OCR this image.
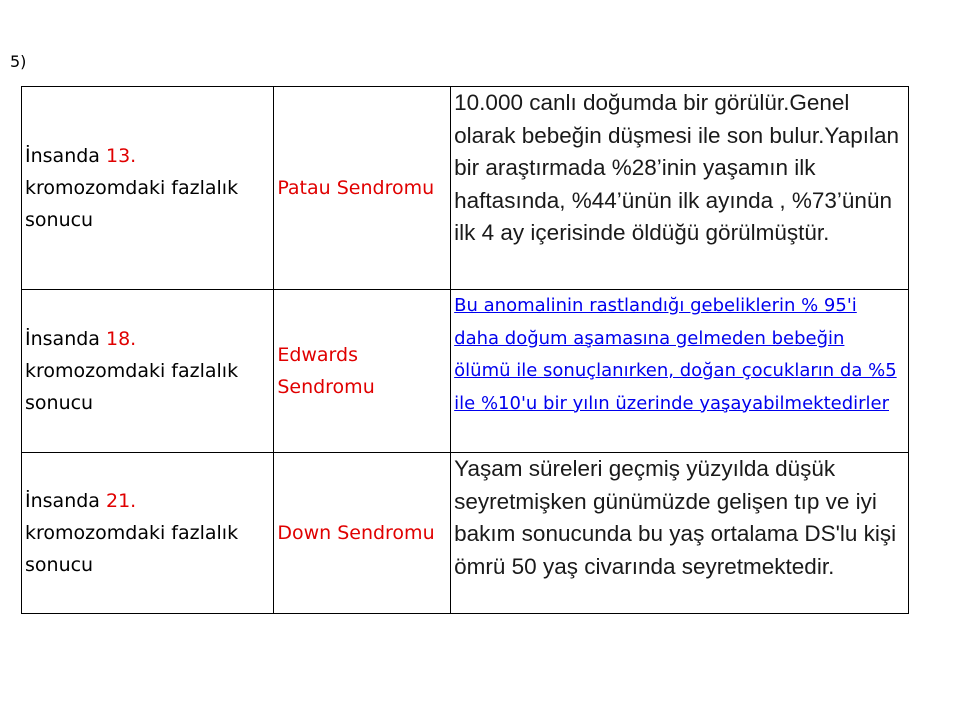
5)
İnsanda 13.
kromozomdaki fazlalık sonucu	Patau Sendromu	10.000 canlı doğumda bir görülür.Genel olarak bebeğin düşmesi ile son bulur.Yapılan bir araştırmada %28’inin yaşamın ilk haftasında, %44’ünün ilk ayında , %73’ünün ilk 4 ay içerisinde öldüğü görülmüştür.
İnsanda 18.
kromozomdaki fazlalık sonucu	Edwards Sendromu	Bu anomalinin rastlandığı gebeliklerin % 95'i daha doğum aşamasına gelmeden bebeğin ölümü ile sonuçlanırken, doğan çocukların da %5 ile %10'u bir yılın üzerinde yaşayabilmektedirler
İnsanda 21.
kromozomdaki fazlalık sonucu	Down Sendromu	Yaşam süreleri geçmiş yüzyılda düşük seyretmişken günümüzde gelişen tıp ve iyi bakım sonucunda bu yaş ortalama DS'lu kişi ömrü 50 yaş civarında seyretmektedir.
